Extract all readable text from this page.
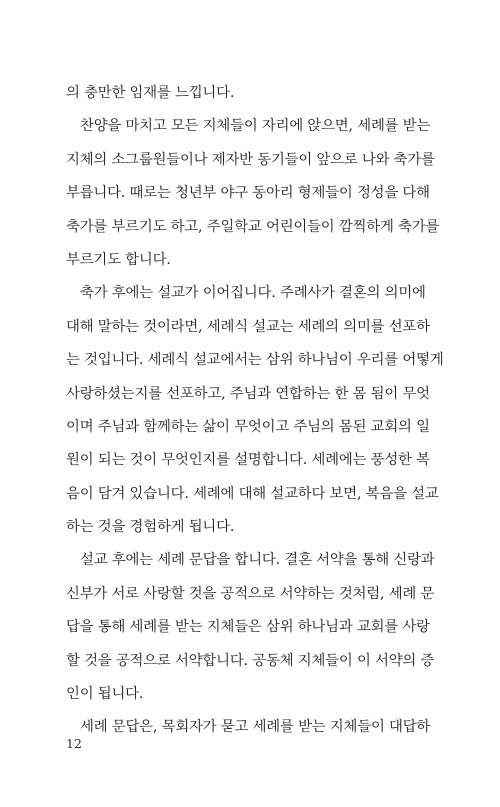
의 충만한 임재를 느낍니다.
찬양을 마치고 모든 지체들이 자리에 앉으면, 세례를 받는
지체의 소그룹원들이나 제자반 동기들이 앞으로 나와 축가를
부릅니다. 때로는 청년부 야구 동아리 형제들이 정성을 다해
축가를 부르기도 하고, 주일학교 어린이들이 깜찍하게 축가를
부르기도 합니다.
축가 후에는 설교가 이어집니다. 주례사가 결혼의 의미에
대해 말하는 것이라면, 세례식 설교는 세례의 의미를 선포하
는 것입니다. 세례식 설교에서는 삼위 하나님이 우리를 어떻게
사랑하셨는지를 선포하고, 주님과 연합하는 한 몸 됨이 무엇
이며 주님과 함께하는 삶이 무엇이고 주님의 몸된 교회의 일
원이 되는 것이 무엇인지를 설명합니다. 세례에는 풍성한 복
음이 담겨 있습니다. 세례에 대해 설교하다 보면, 복음을 설교
하는 것을 경험하게 됩니다.
설교 후에는 세례 문답을 합니다. 결혼 서약을 통해 신랑과
신부가 서로 사랑할 것을 공적으로 서약하는 것처럼, 세례 문
답을 통해 세례를 받는 지체들은 삼위 하나님과 교회를 사랑
할 것을 공적으로 서약합니다. 공동체 지체들이 이 서약의 증
인이 됩니다.
세례 문답은, 목회자가 묻고 세례를 받는 지체들이 대답하
12
